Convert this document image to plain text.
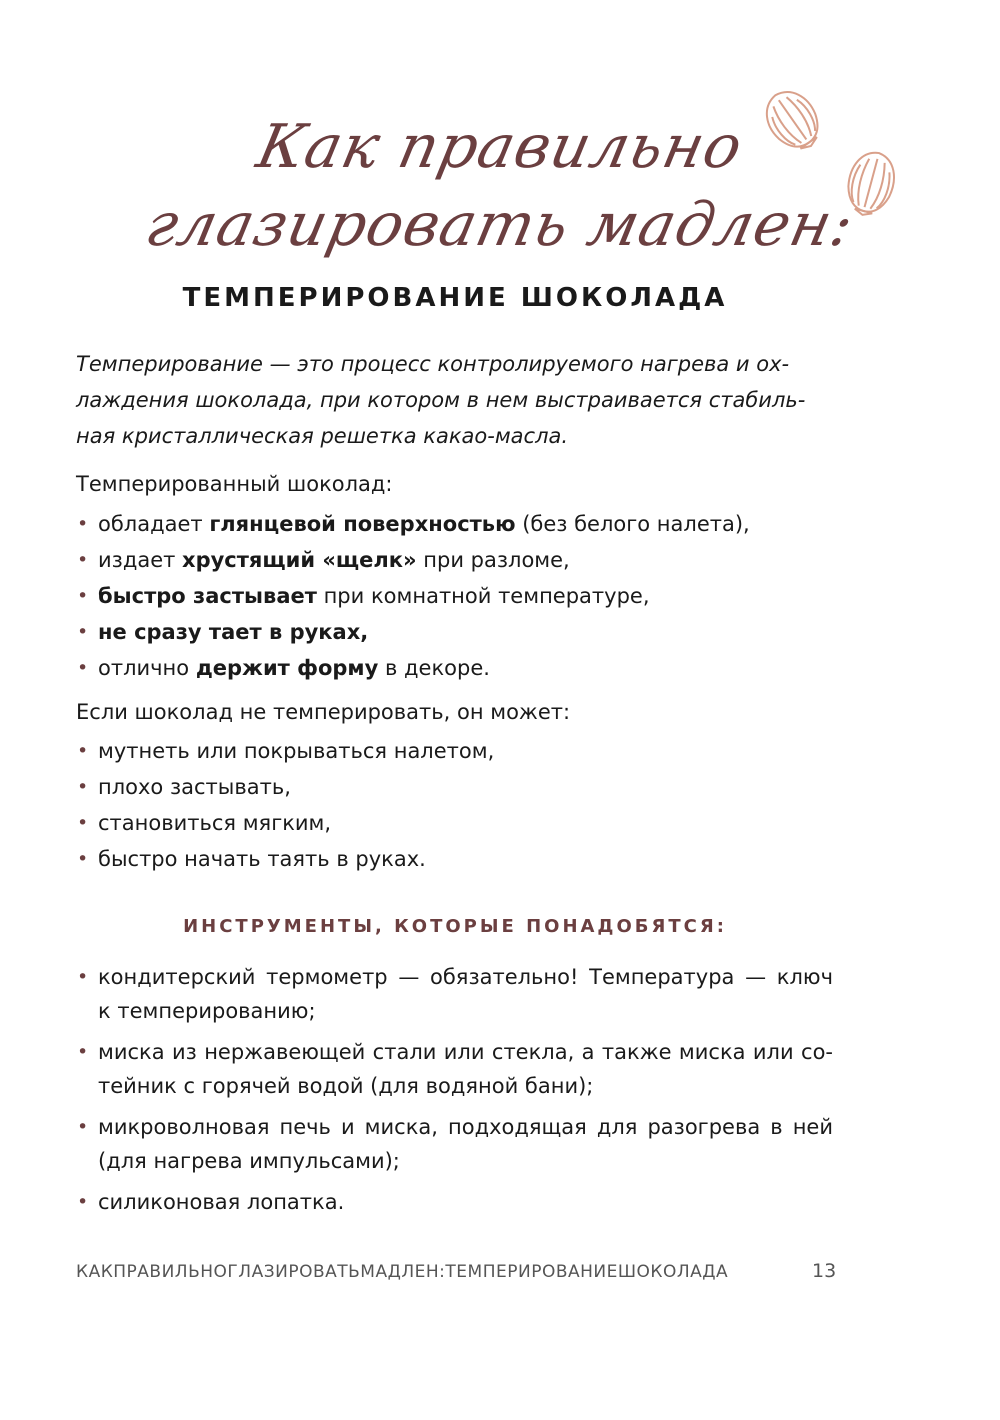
Как правильно
глазировать мадлен:
ТЕМПЕРИРОВАНИЕ ШОКОЛАДА
Темперирование — это процесс контролируемого нагрева и ох-
лаждения шоколада, при котором в нем выстраивается стабиль-
ная кристаллическая решетка какао-масла.
Темперированный шоколад:
• обладает глянцевой поверхностью (без белого налета),
• издает хрустящий «щелк» при разломе,
• быстро застывает при комнатной температуре,
• не сразу тает в руках,
• отлично держит форму в декоре.
Если шоколад не темперировать, он может:
• мутнеть или покрываться налетом,
• плохо застывать,
• становиться мягким,
• быстро начать таять в руках.
ИНСТРУМЕНТЫ, КОТОРЫЕ ПОНАДОБЯТСЯ:
• кондитерский термометр — обязательно! Температура — ключ
к темперированию;
• миска из нержавеющей стали или стекла, а также миска или со-
тейник с горячей водой (для водяной бани);
• микроволновая печь и миска, подходящая для разогрева в ней
(для нагрева импульсами);
• силиконовая лопатка.
КАКПРАВИЛЬНОГЛАЗИРОВАТЬМАДЛЕН:ТЕМПЕРИРОВАНИЕШОКОЛАДА	13
